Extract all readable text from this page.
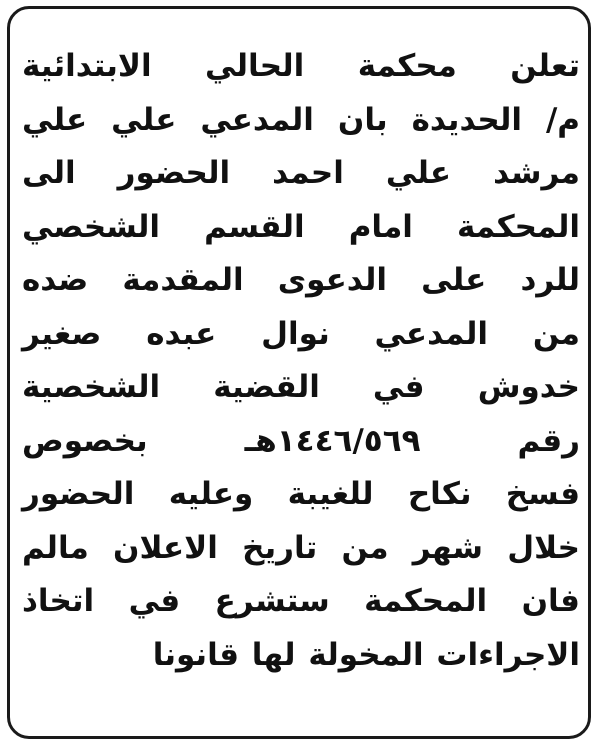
تعلن محكمة الحالي الابتدائية
م/ الحديدة بان المدعي علي علي
مرشد علي احمد الحضور الى
المحكمة امام القسم الشخصي
للرد على الدعوى المقدمة ضده
من المدعي نوال عبده صغير
خدوش في القضية الشخصية
رقم ١٤٤٦/٥٦٩هـ بخصوص
فسخ نكاح للغيبة وعليه الحضور
خلال شهر من تاريخ الاعلان مالم
فان المحكمة ستشرع في اتخاذ
الاجراءات المخولة لها قانونا
